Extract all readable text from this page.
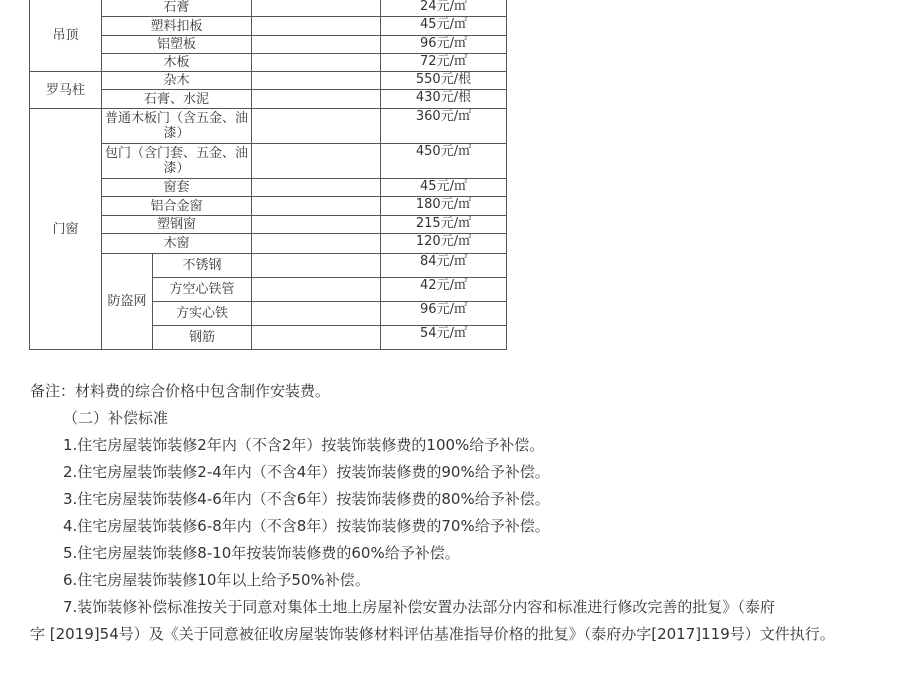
吊顶	石膏			24元/㎡
	塑料扣板			45元/㎡
	铝塑板			96元/㎡
	木板			72元/㎡
罗马柱	杂木			550元/根
	石膏、水泥			430元/根
门窗	普通木板门（含五金、油漆）			360元/㎡
	包门（含门套、五金、油漆）			450元/㎡
	窗套			45元/㎡
	铝合金窗			180元/㎡
	塑钢窗			215元/㎡
	木窗			120元/㎡
	防盗网	不锈钢		84元/㎡
		方空心铁管		42元/㎡
		方实心铁		96元/㎡
		钢筋		54元/㎡

备注：材料费的综合价格中包含制作安装费。

（二）补偿标准

1.住宅房屋装饰装修2年内（不含2年）按装饰装修费的100%给予补偿。

2.住宅房屋装饰装修2-4年内（不含4年）按装饰装修费的90%给予补偿。

3.住宅房屋装饰装修4-6年内（不含6年）按装饰装修费的80%给予补偿。

4.住宅房屋装饰装修6-8年内（不含8年）按装饰装修费的70%给予补偿。

5.住宅房屋装饰装修8-10年按装饰装修费的60%给予补偿。

6.住宅房屋装饰装修10年以上给予50%补偿。

7.装饰装修补偿标准按关于同意对集体土地上房屋补偿安置办法部分内容和标准进行修改完善的批复》（泰府

字 [2019]54号）及《关于同意被征收房屋装饰装修材料评估基准指导价格的批复》（泰府办字[2017]119号）文件执行。
